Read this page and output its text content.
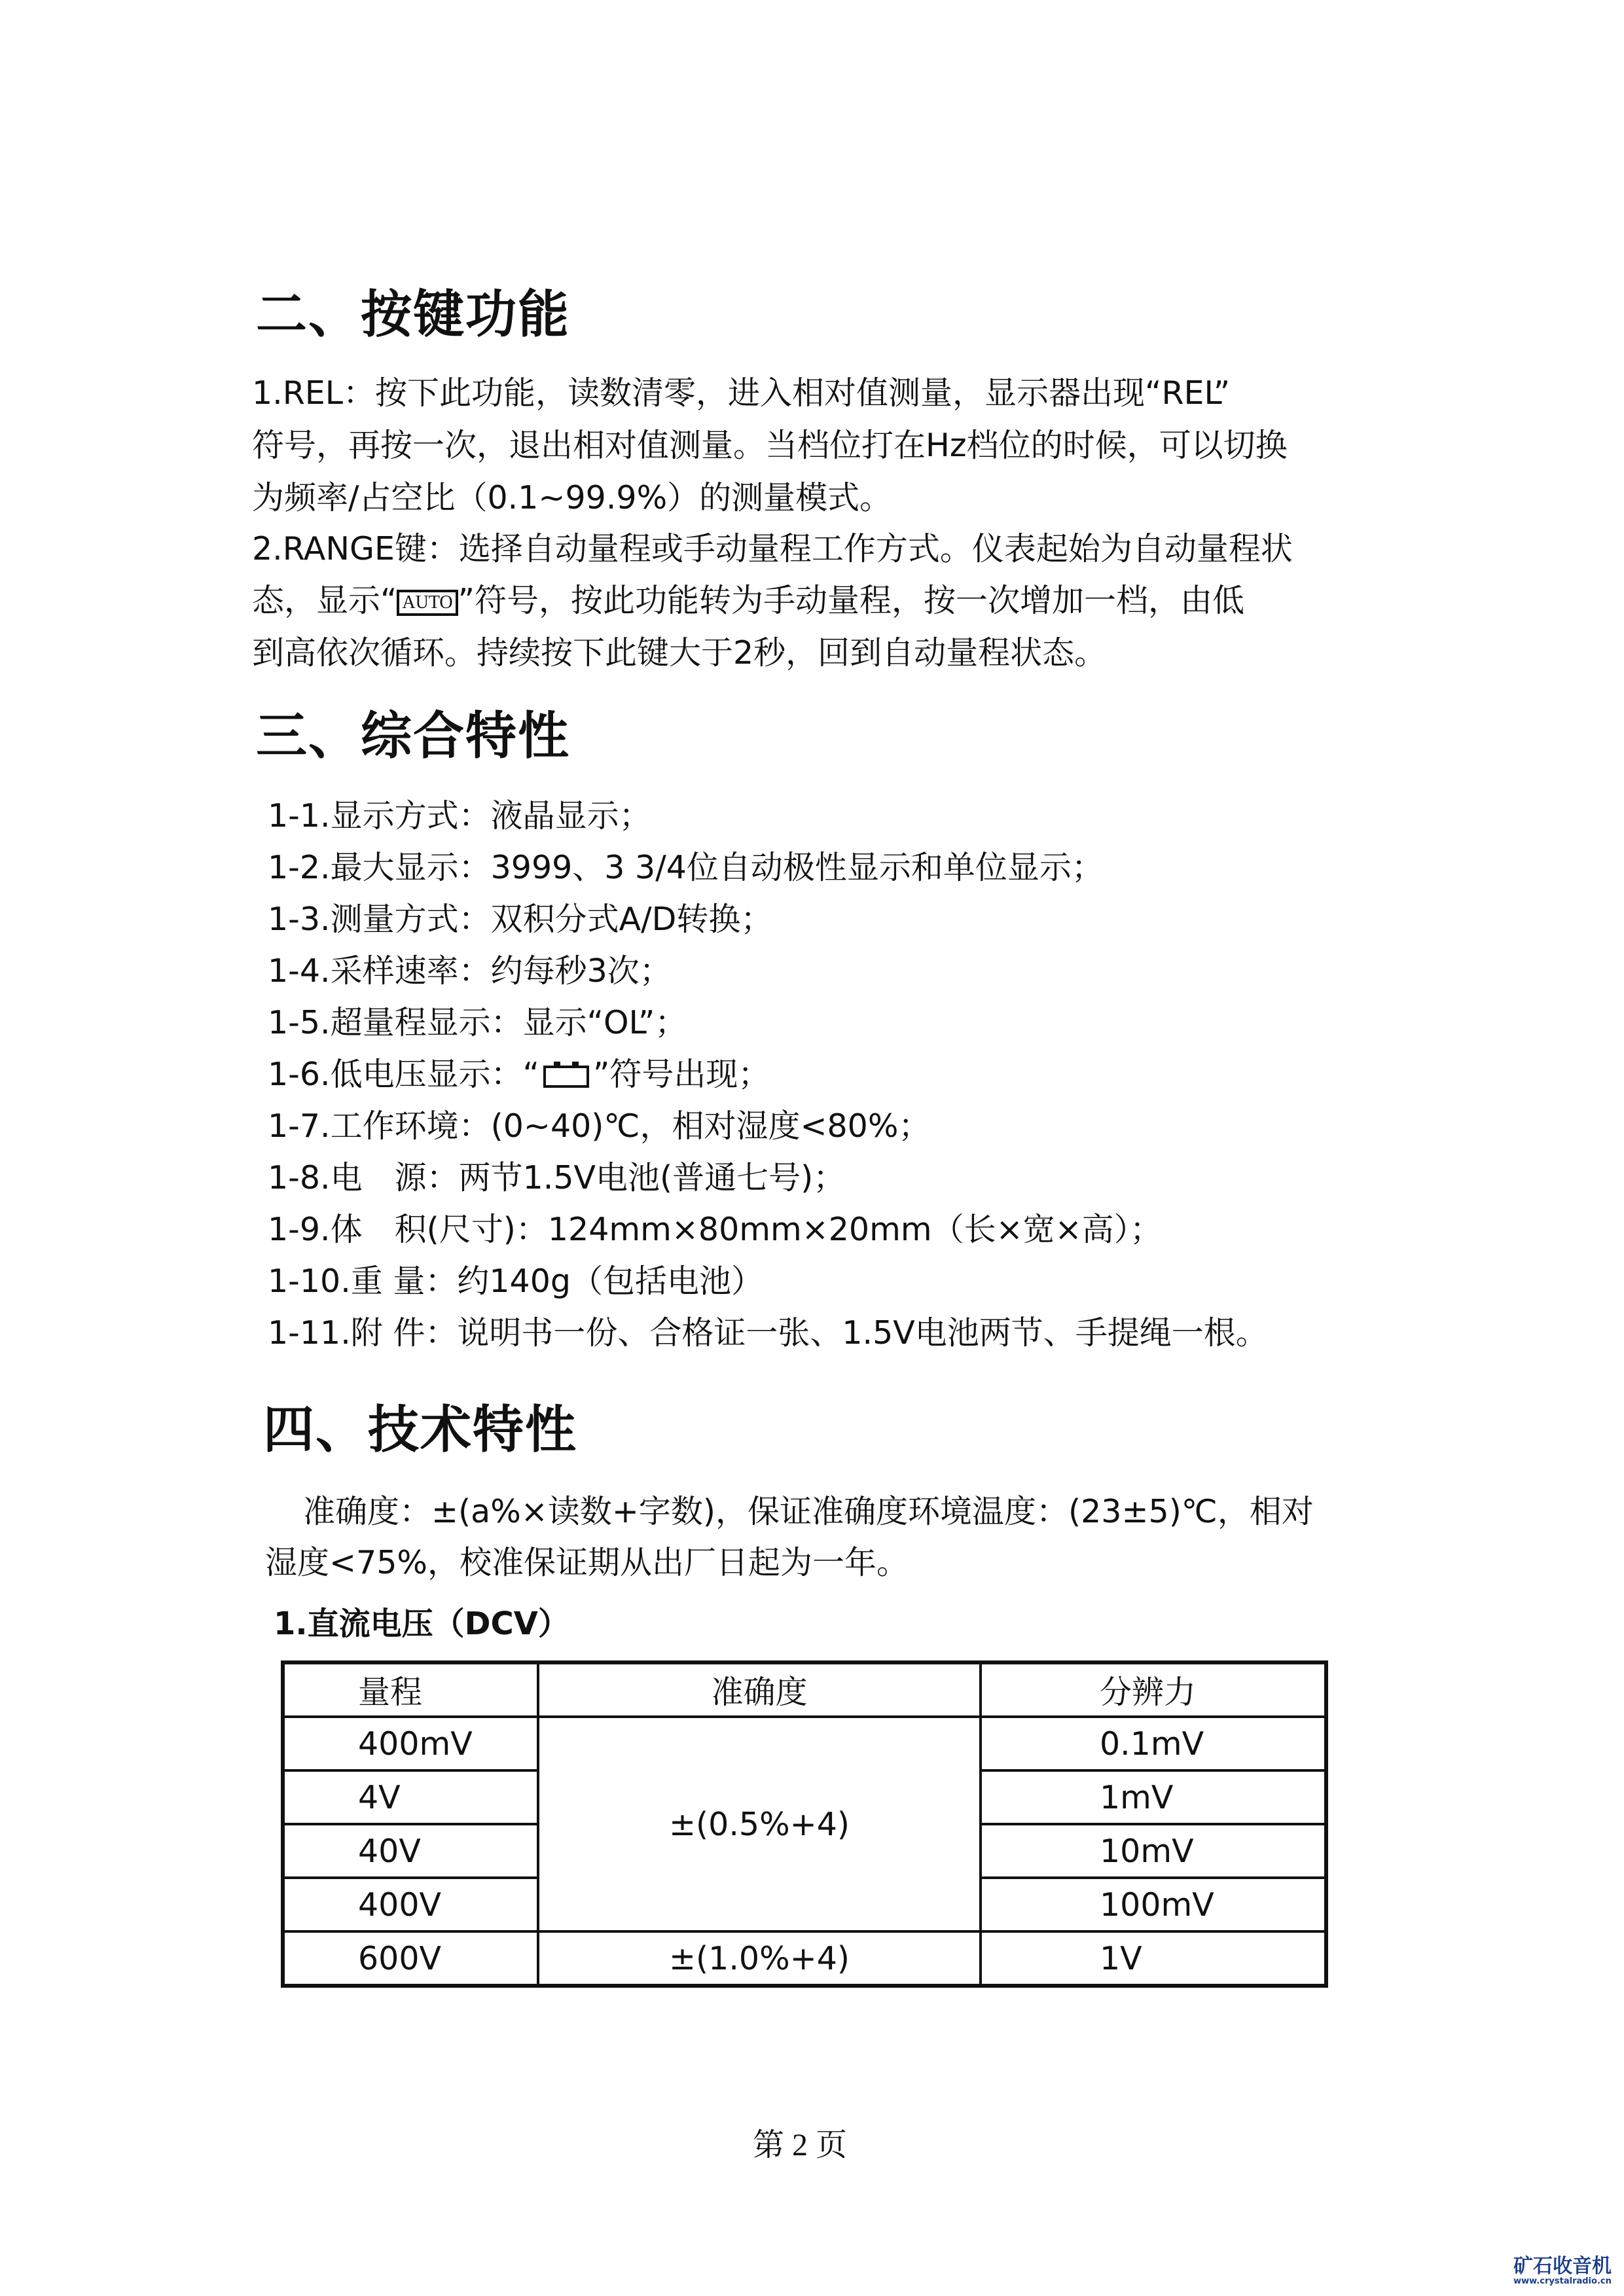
二、按键功能
1.REL：按下此功能，读数清零，进入相对值测量，显示器出现“REL”
符号，再按一次，退出相对值测量。当档位打在Hz档位的时候，可以切换
为频率/占空比（0.1~99.9%）的测量模式。
2.RANGE键：选择自动量程或手动量程工作方式。仪表起始为自动量程状
态，显示“ AUTO ”符号，按此功能转为手动量程，按一次增加一档，由低
到高依次循环。持续按下此键大于2秒，回到自动量程状态。
三、综合特性
1-1.显示方式：液晶显示；
1-2.最大显示：3999、3 3/4位自动极性显示和单位显示；
1-3.测量方式：双积分式A/D转换；
1-4.采样速率：约每秒3次；
1-5.超量程显示：显示“OL”；
1-6.低电压显示：“ ”符号出现；
1-7.工作环境：(0~40)℃，相对湿度<80%；
1-8.电　源：两节1.5V电池(普通七号)；
1-9.体　积(尺寸)：124mm×80mm×20mm（长×宽×高）；
1-10.重 量：约140g（包括电池）
1-11.附 件：说明书一份、合格证一张、1.5V电池两节、手提绳一根。
四、技术特性
准确度：±(a%×读数+字数)，保证准确度环境温度：(23±5)℃，相对
湿度<75%，校准保证期从出厂日起为一年。
1.直流电压（DCV）
量程	准确度	分辨力
400mV	±(0.5%+4)	0.1mV
4V		1mV
40V		10mV
400V		100mV
600V	±(1.0%+4)	1V
第 2 页
矿石收音机
www.crystalradio.cn
